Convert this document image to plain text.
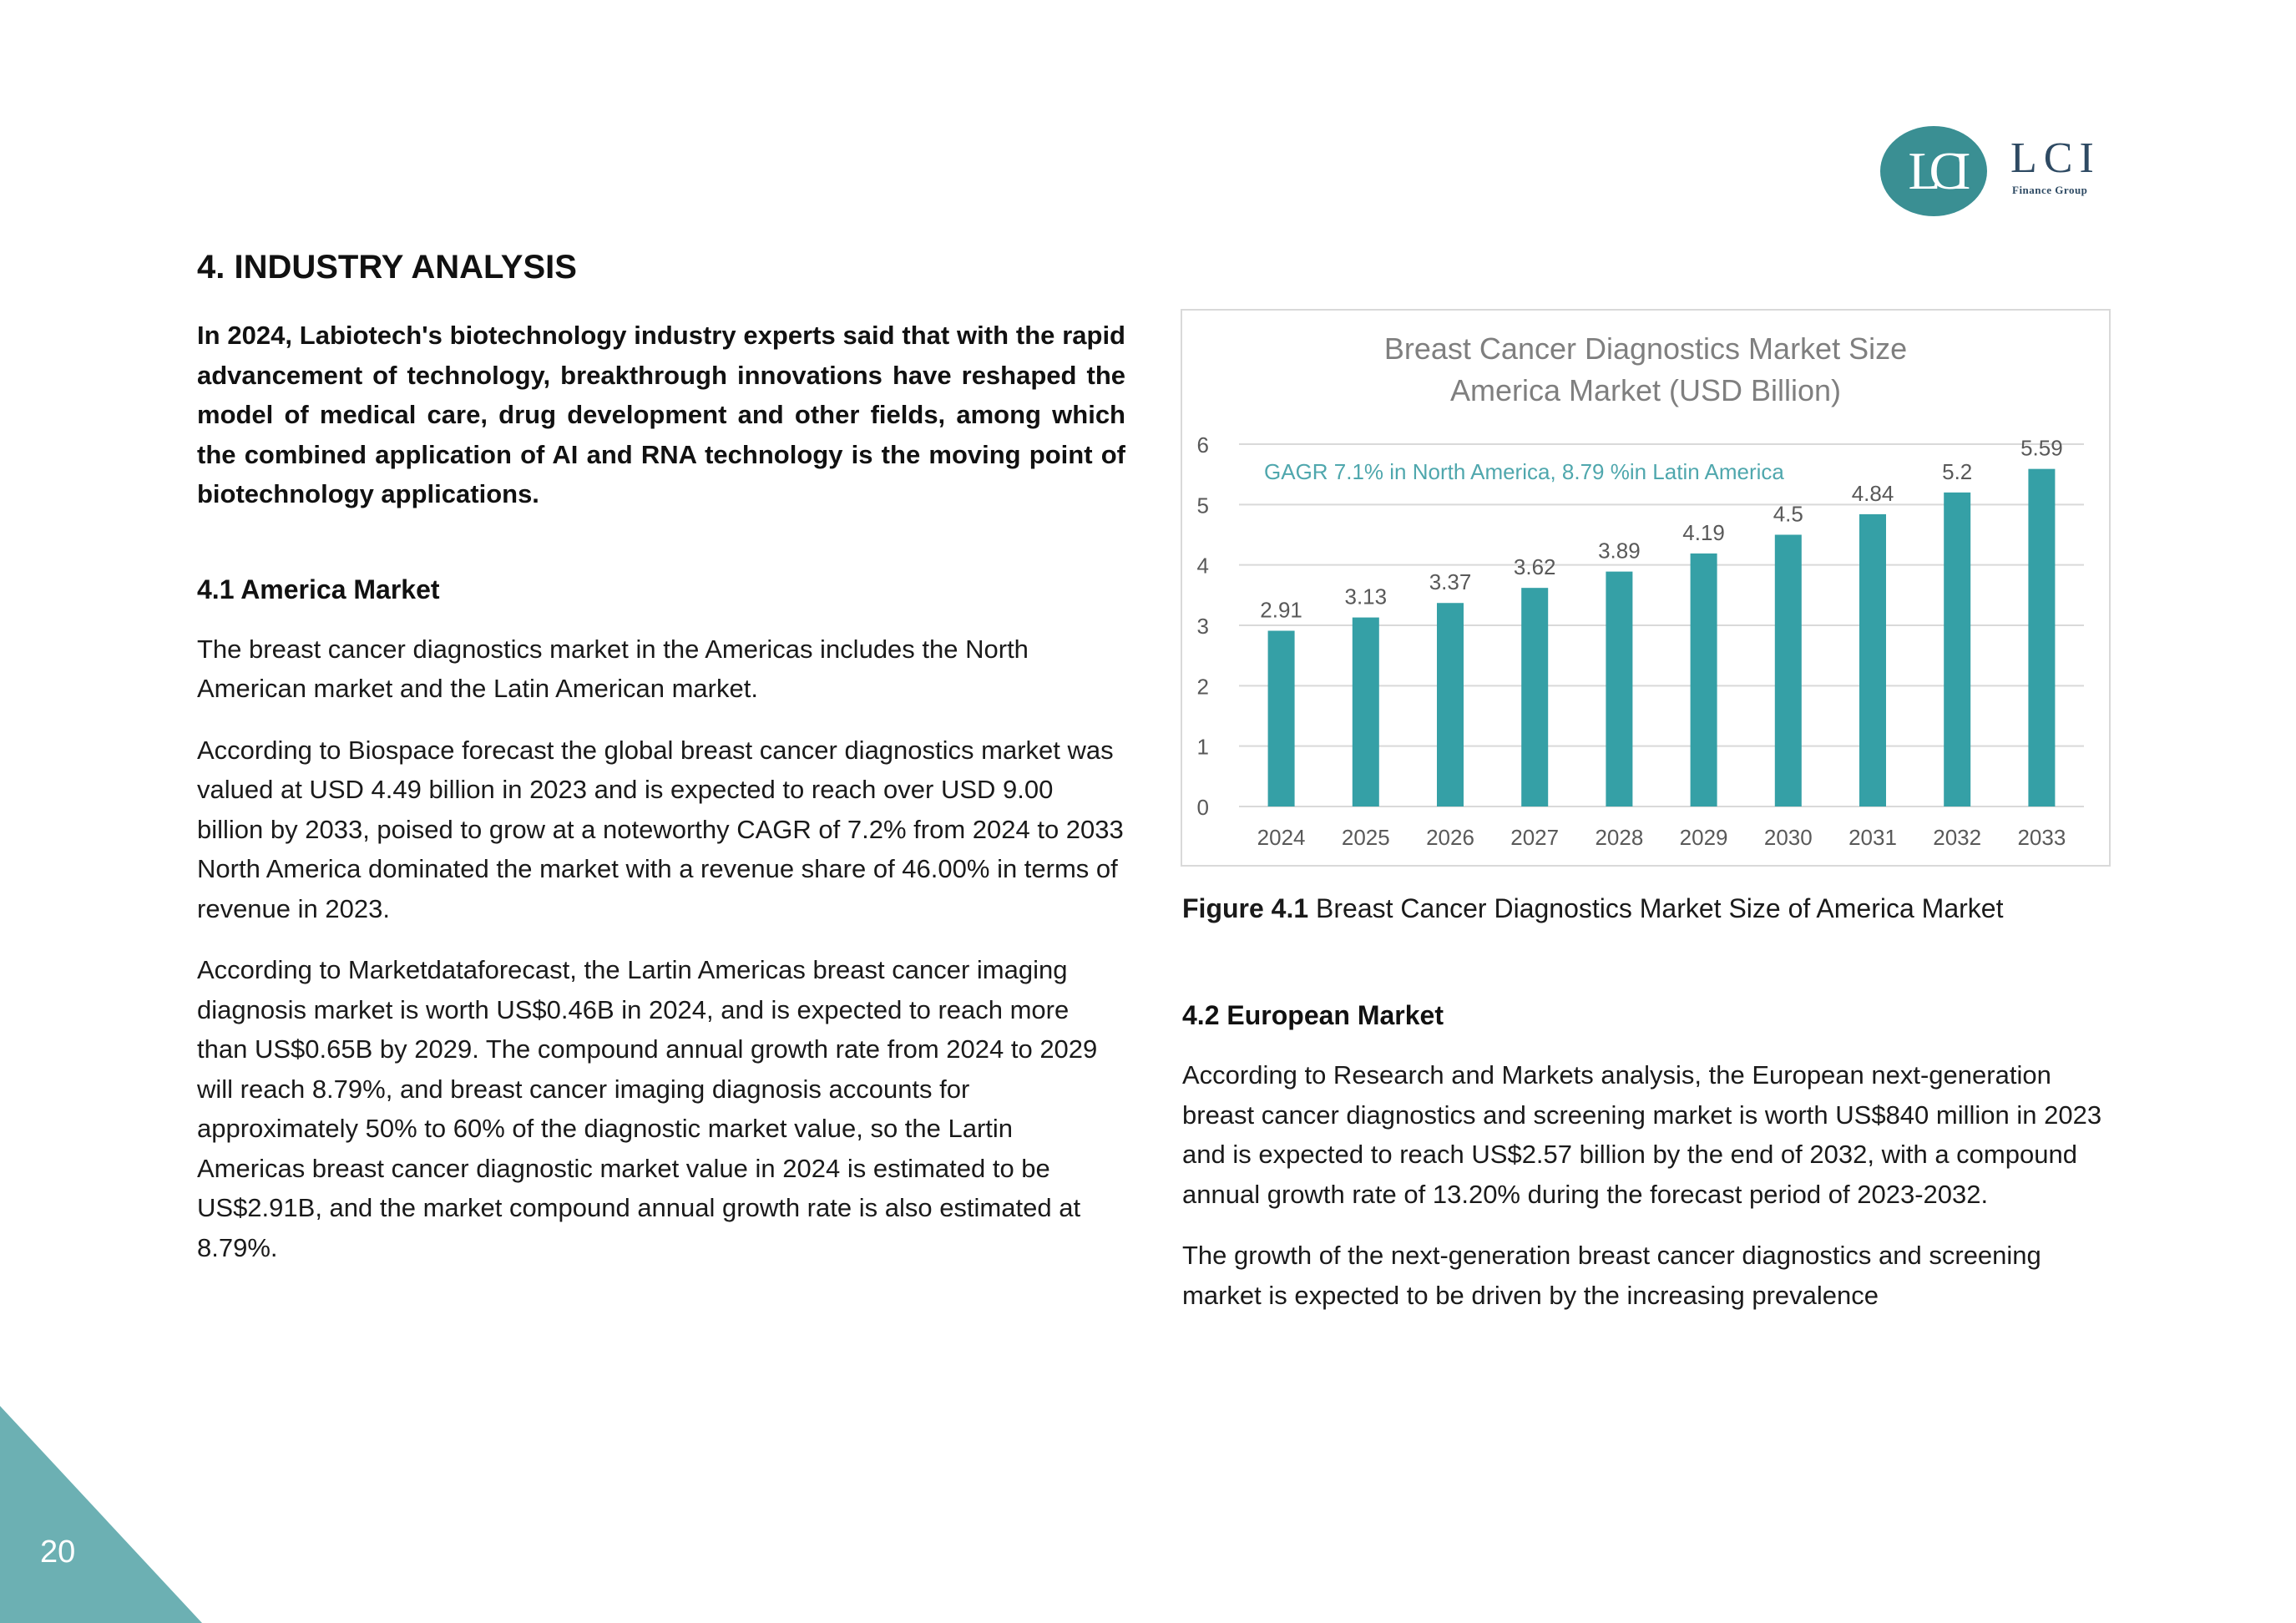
LCI	LCI
Finance Group
4. INDUSTRY ANALYSIS

In 2024, Labiotech's biotechnology industry experts said that with the rapid advancement of technology, breakthrough innovations have reshaped the model of medical care, drug development and other fields, among which the combined application of AI and RNA technology is the moving point of biotechnology applications.

4.1 America Market

The breast cancer diagnostics market in the Americas includes the North American market and the Latin American market.

According to Biospace forecast the global breast cancer diagnostics market was valued at USD 4.49 billion in 2023 and is expected to reach over USD 9.00 billion by 2033, poised to grow at a noteworthy CAGR of 7.2% from 2024 to 2033 North America dominated the market with a revenue share of 46.00% in terms of revenue in 2023.

According to Marketdataforecast, the Lartin Americas breast cancer imaging diagnosis market is worth US$0.46B in 2024, and is expected to reach more than US$0.65B by 2029. The compound annual growth rate from 2024 to 2029 will reach 8.79%, and breast cancer imaging diagnosis accounts for approximately 50% to 60% of the diagnostic market value, so the Lartin Americas breast cancer diagnostic market value in 2024 is estimated to be US$2.91B, and the market compound annual growth rate is also estimated at 8.79%.

Breast Cancer Diagnostics Market Size
America Market (USD Billion)
0
1
2
3
4
5
6
GAGR 7.1% in North America, 8.79 %in Latin America
2.91
2024
3.13
2025
3.37
2026
3.62
2027
3.89
2028
4.19
2029
4.5
2030
4.84
2031
5.2
2032
5.59
2033
Figure 4.1 Breast Cancer Diagnostics Market Size of America Market

4.2 European Market

According to Research and Markets analysis, the European next-generation breast cancer diagnostics and screening market is worth US$840 million in 2023 and is expected to reach US$2.57 billion by the end of 2032, with a compound annual growth rate of 13.20% during the forecast period of 2023-2032.

The growth of the next-generation breast cancer diagnostics and screening market is expected to be driven by the increasing prevalence

20
